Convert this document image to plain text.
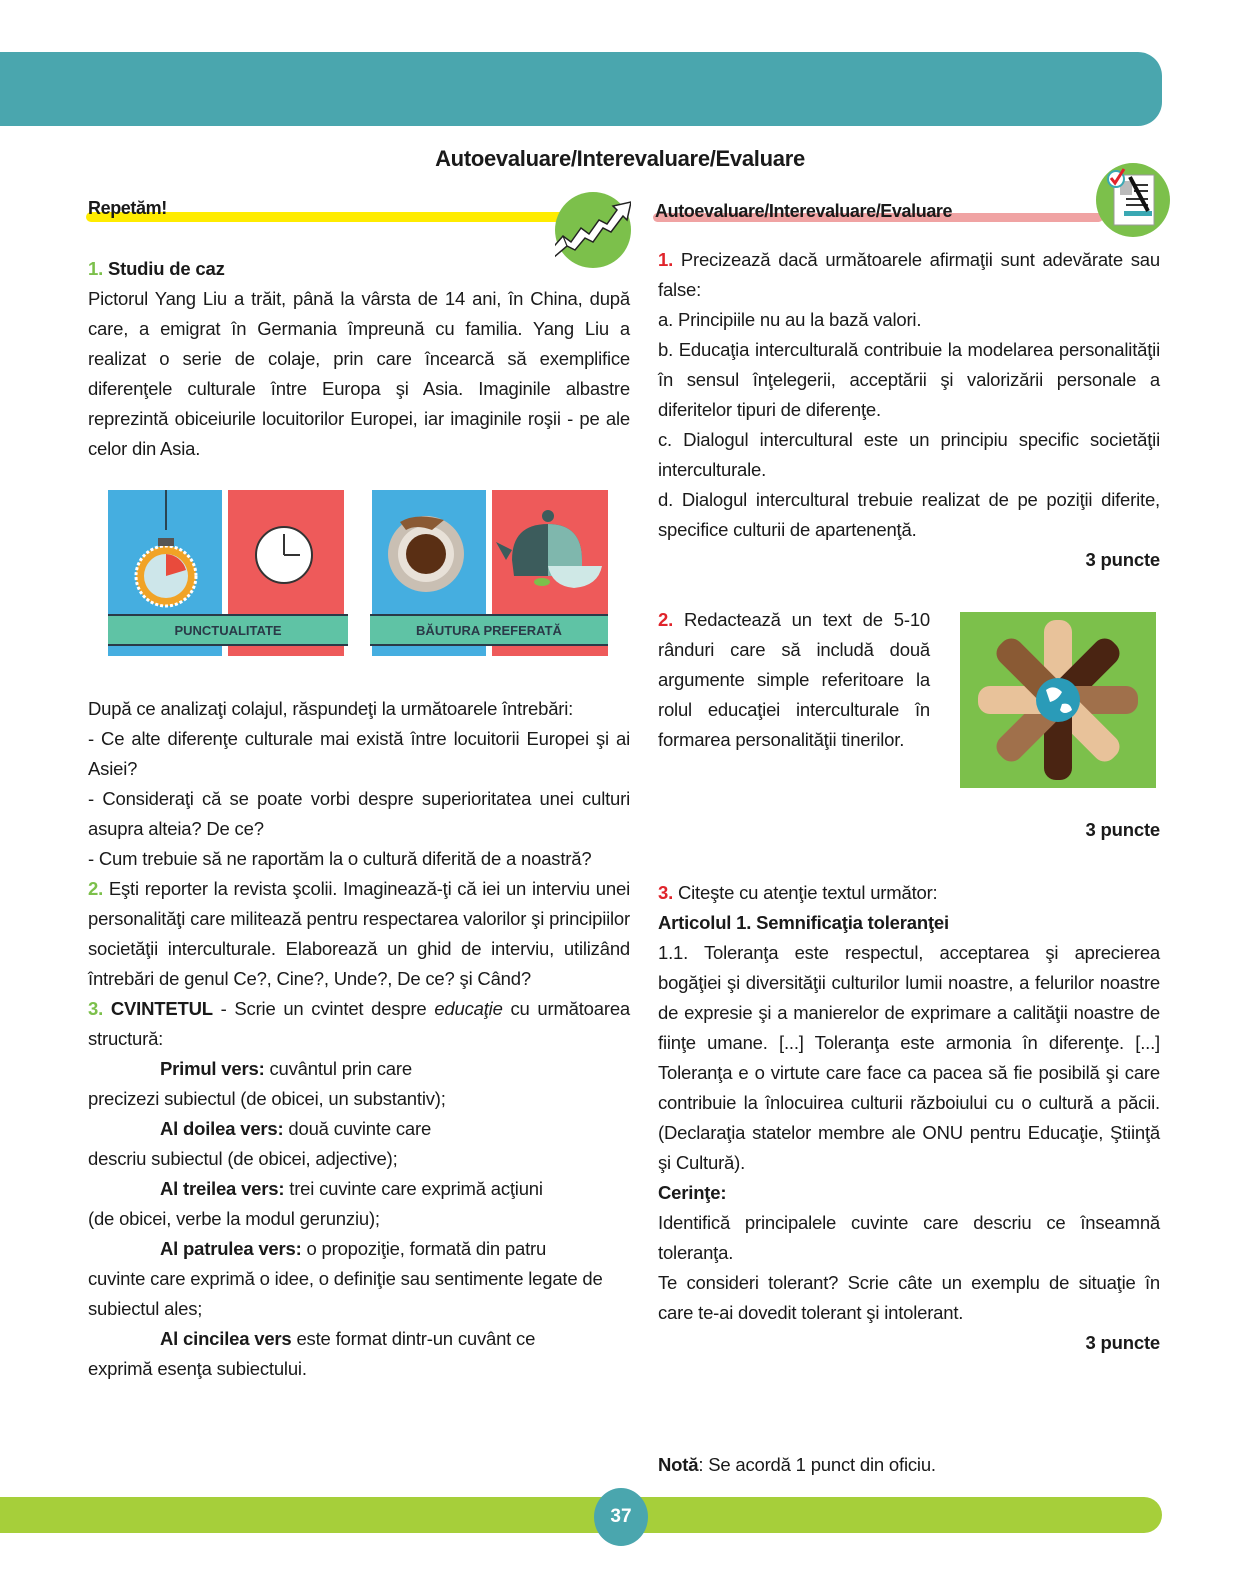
Autoevaluare/Interevaluare/Evaluare
Repetăm!	Autoevaluare/Interevaluare/Evaluare
1. Studiu de caz
Pictorul Yang Liu a trăit, până la vârsta de 14 ani, în China, după care, a emigrat în Germania împreună cu familia. Yang Liu a realizat o serie de colaje, prin care încearcă să exemplifice diferenţele culturale între Europa şi Asia. Imaginile albastre reprezintă obiceiurile locuitorilor Europei, iar imaginile roşii - pe ale celor din Asia.
PUNCTUALITATE	BĂUTURA PREFERATĂ
După ce analizaţi colajul, răspundeţi la următoarele întrebări:
- Ce alte diferenţe culturale mai există între locuitorii Europei şi ai Asiei?
- Consideraţi că se poate vorbi despre superioritatea unei culturi asupra alteia? De ce?
- Cum trebuie să ne raportăm la o cultură diferită de a noastră?
2. Eşti reporter la revista şcolii. Imaginează-ţi că iei un interviu unei personalităţi care militează pentru respectarea valorilor şi principiilor societăţii interculturale. Elaborează un ghid de interviu, utilizând întrebări de genul Ce?, Cine?, Unde?, De ce? şi Când?
3. CVINTETUL - Scrie un cvintet despre educaţie cu următoarea structură:
Primul vers: cuvântul prin care
precizezi subiectul (de obicei, un substantiv);
Al doilea vers: două cuvinte care
descriu subiectul (de obicei, adjective);
Al treilea vers: trei cuvinte care exprimă acţiuni
(de obicei, verbe la modul gerunziu);
Al patrulea vers: o propoziţie, formată din patru
cuvinte care exprimă o idee, o definiţie sau sentimente legate de subiectul ales;
Al cincilea vers este format dintr-un cuvânt ce
exprimă esenţa subiectului.
1. Precizează dacă următoarele afirmaţii sunt adevărate sau false:
a. Principiile nu au la bază valori.
b. Educaţia interculturală contribuie la modelarea personalităţii în sensul înţelegerii, acceptării şi valorizării personale a diferitelor tipuri de diferenţe.
c. Dialogul intercultural este un principiu specific societăţii interculturale.
d. Dialogul intercultural trebuie realizat de pe poziţii diferite, specifice culturii de apartenenţă.
3 puncte
2. Redactează un text de 5-10 rânduri care să includă două argumente simple referitoare la rolul educaţiei interculturale în formarea personalităţii tinerilor.
3 puncte
3. Citeşte cu atenţie textul următor:
Articolul 1. Semnificaţia toleranţei
1.1. Toleranţa este respectul, acceptarea şi aprecierea bogăţiei şi diversităţii culturilor lumii noastre, a felurilor noastre de expresie şi a manierelor de exprimare a calităţii noastre de fiinţe umane. [...] Toleranţa este armonia în diferenţe. [...] Toleranţa e o virtute care face ca pacea să fie posibilă şi care contribuie la înlocuirea culturii războiului cu o cultură a păcii. (Declaraţia statelor membre ale ONU pentru Educaţie, Ştiinţă şi Cultură).
Cerinţe:
Identifică principalele cuvinte care descriu ce înseamnă toleranţa.
Te consideri tolerant? Scrie câte un exemplu de situaţie în care te-ai dovedit tolerant şi intolerant.
3 puncte
Notă: Se acordă 1 punct din oficiu.
37
